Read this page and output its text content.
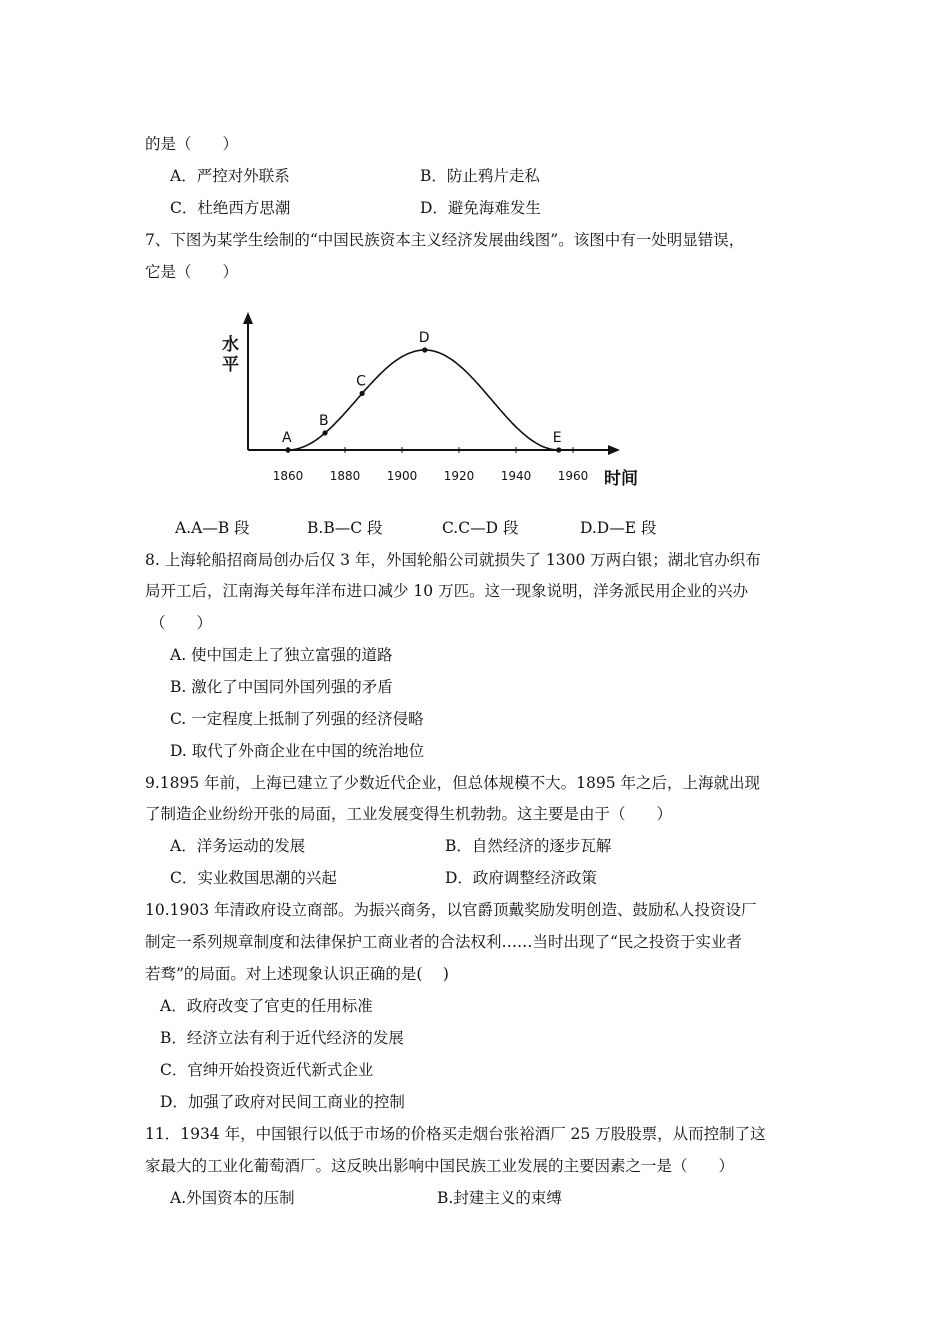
的是（　　）
A．严控对外联系	B．防止鸦片走私
C．杜绝西方思潮	D．避免海难发生
7、下图为某学生绘制的“中国民族资本主义经济发展曲线图”。该图中有一处明显错误，
它是（　　）
水
平
时间
1860 1880 1900 1920 1940 1960
A
B
C
D
E
A.A—B 段	B.B—C 段	C.C—D 段	D.D—E 段
8. 上海轮船招商局创办后仅 3 年，外国轮船公司就损失了 1300 万两白银；湖北官办织布
局开工后，江南海关每年洋布进口减少 10 万匹。这一现象说明，洋务派民用企业的兴办
（　　）
A. 使中国走上了独立富强的道路
B. 激化了中国同外国列强的矛盾
C. 一定程度上抵制了列强的经济侵略
D. 取代了外商企业在中国的统治地位
9.1895 年前，上海已建立了少数近代企业，但总体规模不大。1895 年之后，上海就出现
了制造企业纷纷开张的局面，工业发展变得生机勃勃。这主要是由于（　　）
A．洋务运动的发展	B．自然经济的逐步瓦解
C．实业救国思潮的兴起	D．政府调整经济政策
10.1903 年清政府设立商部。为振兴商务，以官爵顶戴奖励发明创造、鼓励私人投资设厂
制定一系列规章制度和法律保护工商业者的合法权利……当时出现了“民之投资于实业者
若骛”的局面。对上述现象认识正确的是(　 )
A．政府改变了官吏的任用标准
B．经济立法有利于近代经济的发展
C．官绅开始投资近代新式企业
D．加强了政府对民间工商业的控制
11．1934 年，中国银行以低于市场的价格买走烟台张裕酒厂 25 万股股票，从而控制了这
家最大的工业化葡萄酒厂。这反映出影响中国民族工业发展的主要因素之一是（　　）
A.外国资本的压制	B.封建主义的束缚
